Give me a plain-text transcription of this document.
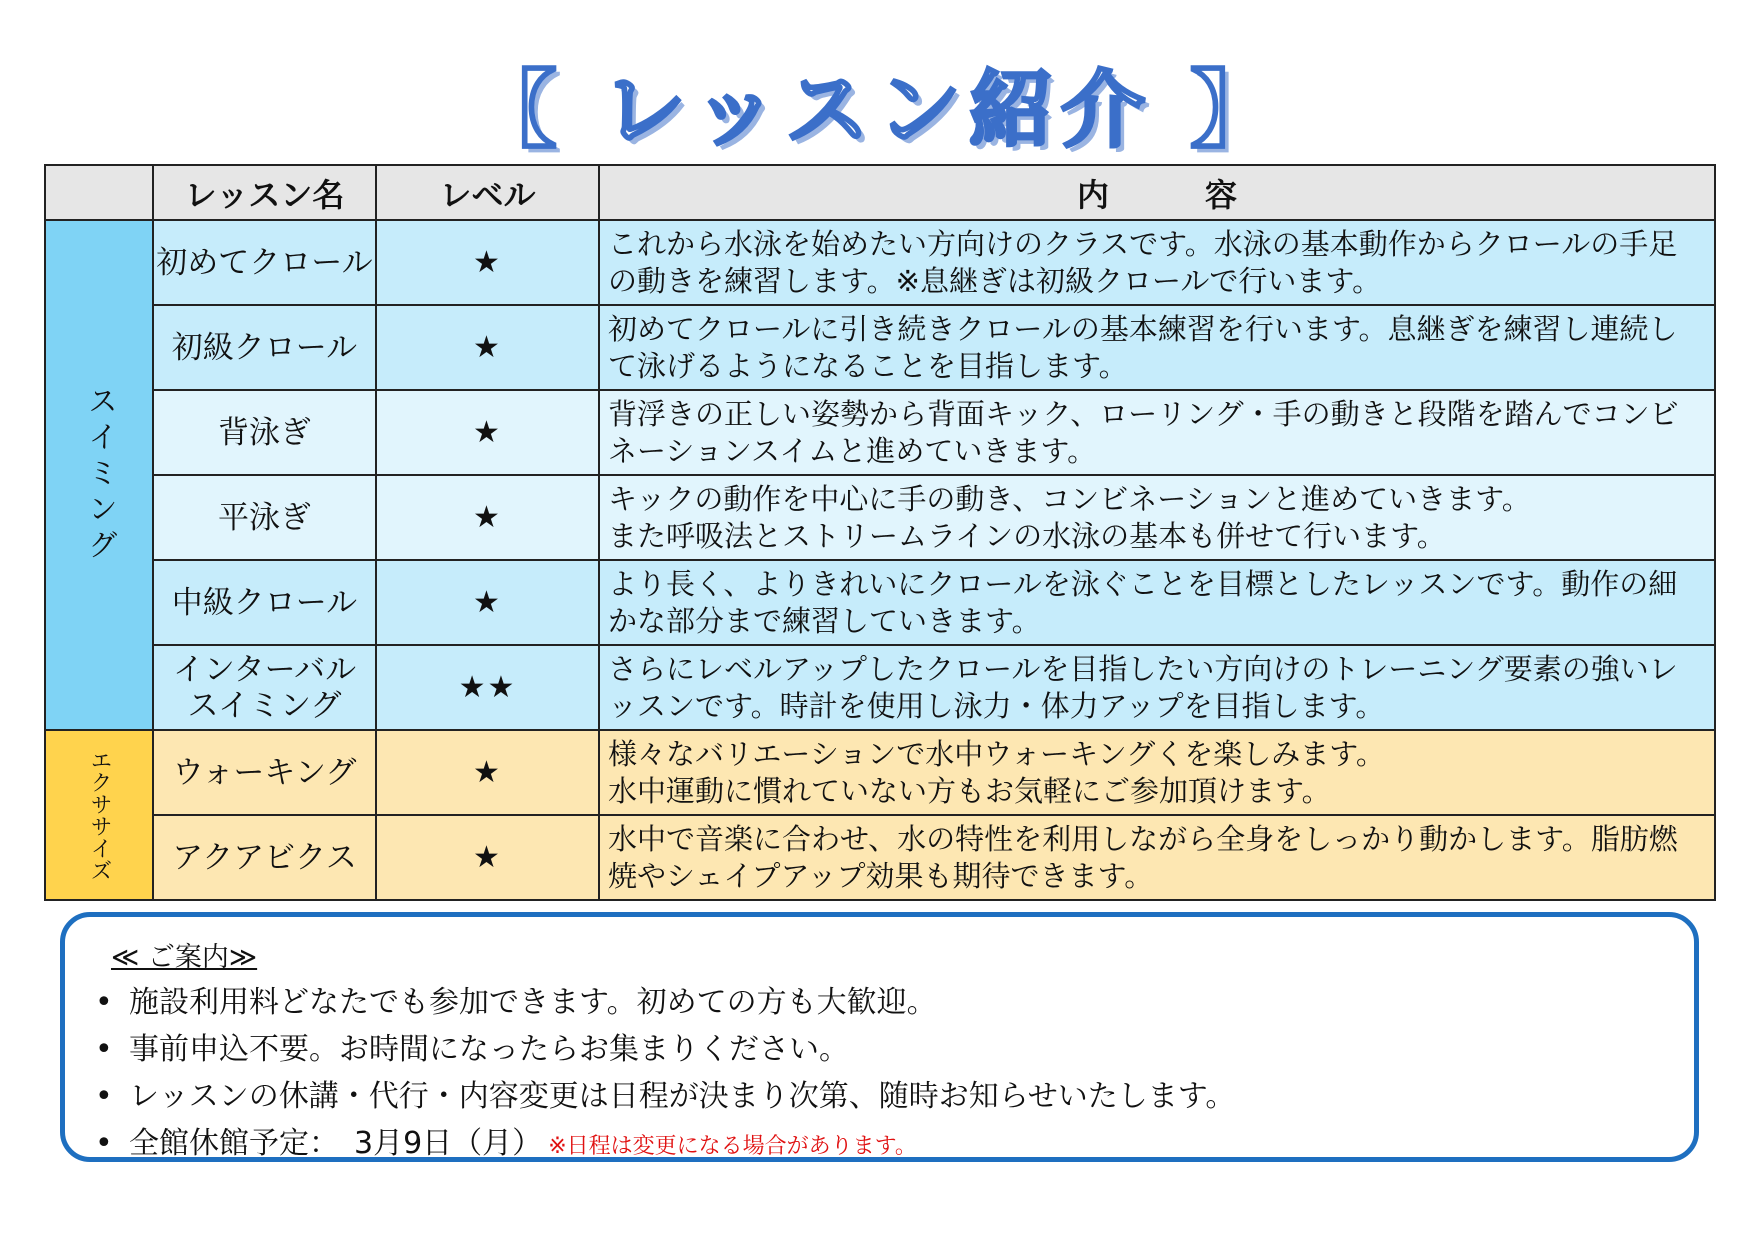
【 レッスン紹介 】
	レッスン名	レベル	内　　　容

スイミング	初めてクロール	★	これから水泳を始めたい方向けのクラスです。水泳の基本動作からクロールの手足の動きを練習します。※息継ぎは初級クロールで行います。
	初級クロール	★	初めてクロールに引き続きクロールの基本練習を行います。息継ぎを練習し連続して泳げるようになることを目指します。
	背泳ぎ	★	背浮きの正しい姿勢から背面キック、ローリング・手の動きと段階を踏んでコンビネーションスイムと進めていきます。
	平泳ぎ	★	キックの動作を中心に手の動き、コンビネーションと進めていきます。
また呼吸法とストリームラインの水泳の基本も併せて行います。

	中級クロール	★	より長く、よりきれいにクロールを泳ぐことを目標としたレッスンです。動作の細かな部分まで練習していきます。

	インターバル
スイミング	★★	さらにレベルアップしたクロールを目指したい方向けのトレーニング要素の強いレッスンです。時計を使用し泳力・体力アップを目指します。

エクササイズ	ウォーキング	★	様々なバリエーションで水中ウォーキングくを楽しみます。
水中運動に慣れていない方もお気軽にご参加頂けます。

	アクアビクス	★	水中で音楽に合わせ、水の特性を利用しながら全身をしっかり動かします。脂肪燃焼やシェイプアップ効果も期待できます。
≪ ご案内≫
• 施設利用料どなたでも参加できます。初めての方も大歓迎。
• 事前申込不要。お時間になったらお集まりください。
• レッスンの休講・代行・内容変更は日程が決まり次第、随時お知らせいたします。
• 全館休館予定：　3月9日（月） ※日程は変更になる場合があります。
